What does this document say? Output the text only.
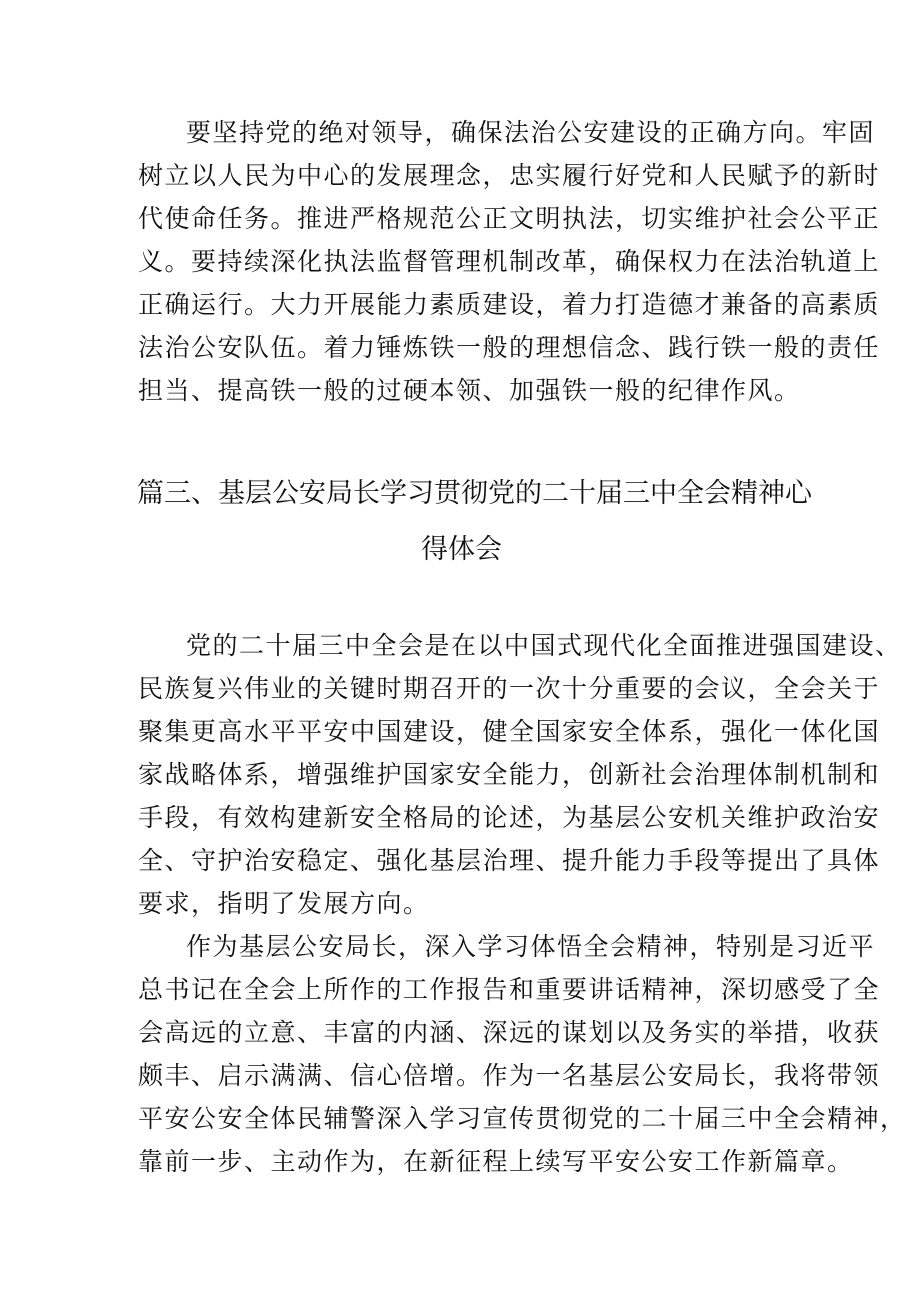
要坚持党的绝对领导，确保法治公安建设的正确方向。牢固
树立以人民为中心的发展理念，忠实履行好党和人民赋予的新时
代使命任务。推进严格规范公正文明执法，切实维护社会公平正
义。要持续深化执法监督管理机制改革，确保权力在法治轨道上
正确运行。大力开展能力素质建设，着力打造德才兼备的高素质
法治公安队伍。着力锤炼铁一般的理想信念、践行铁一般的责任
担当、提高铁一般的过硬本领、加强铁一般的纪律作风。
篇三、基层公安局长学习贯彻党的二十届三中全会精神心
得体会
党的二十届三中全会是在以中国式现代化全面推进强国建设、
民族复兴伟业的关键时期召开的一次十分重要的会议，全会关于
聚集更高水平平安中国建设，健全国家安全体系，强化一体化国
家战略体系，增强维护国家安全能力，创新社会治理体制机制和
手段，有效构建新安全格局的论述，为基层公安机关维护政治安
全、守护治安稳定、强化基层治理、提升能力手段等提出了具体
要求，指明了发展方向。
作为基层公安局长，深入学习体悟全会精神，特别是习近平
总书记在全会上所作的工作报告和重要讲话精神，深切感受了全
会高远的立意、丰富的内涵、深远的谋划以及务实的举措，收获
颇丰、启示满满、信心倍增。作为一名基层公安局长，我将带领
平安公安全体民辅警深入学习宣传贯彻党的二十届三中全会精神，
靠前一步、主动作为，在新征程上续写平安公安工作新篇章。
